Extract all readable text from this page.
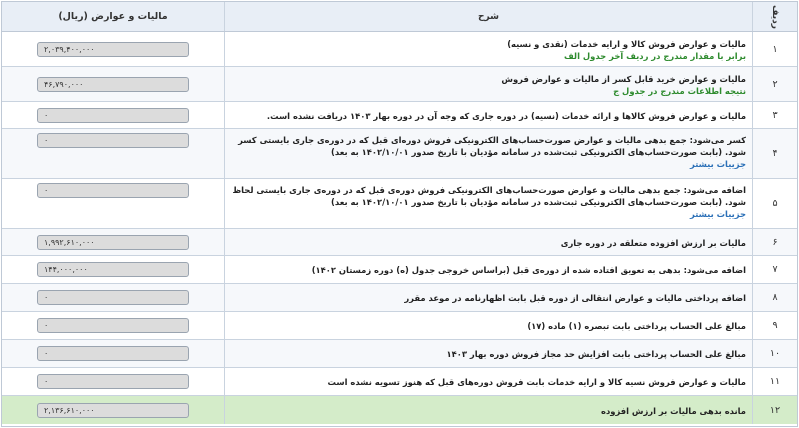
ردیف
شرح
مالیات و عوارض (ریال)
۱
مالیات و عوارض فروش کالا و ارایه خدمات (نقدی و نسیه)
برابر با مقدار مندرج در ردیف آخر جدول الف
۲,۰۳۹,۴۰۰,۰۰۰
۲
مالیات و عوارض خرید قابل کسر از مالیات و عوارض فروش
نتیجه اطلاعات مندرج در جدول ج
۴۶,۷۹۰,۰۰۰
۳
مالیات و عوارض فروش کالاها و ارائه خدمات (نسیه) در دوره جاری که وجه آن در دوره بهار ۱۴۰۳ دریافت نشده است.
۰
۴
کسر می‌شود: جمع بدهی مالیات و عوارض صورت‌حساب‌های الکترونیکی فروش دوره‌ای قبل که در دوره‌ی جاری بایستی کسر شود. (بابت صورت‌حساب‌های الکترونیکی ثبت‌شده در سامانه مؤدیان با تاریخ صدور ۱۴۰۲/۱۰/۰۱ به بعد)
جزییات بیشتر
۰
۵
اضافه می‌شود: جمع بدهی مالیات و عوارض صورت‌حساب‌های الکترونیکی فروش دوره‌ی قبل که در دوره‌ی جاری بایستی لحاظ شود. (بابت صورت‌حساب‌های الکترونیکی ثبت‌شده در سامانه مؤدیان با تاریخ صدور ۱۴۰۲/۱۰/۰۱ به بعد)
جزییات بیشتر
۰
۶
مالیات بر ارزش افزوده متعلقه در دوره جاری
۱,۹۹۲,۶۱۰,۰۰۰
۷
اضافه می‌شود: بدهی به تعویق افتاده شده از دوره‌ی قبل (براساس خروجی جدول (ه) دوره زمستان ۱۴۰۲)
۱۴۴,۰۰۰,۰۰۰
۸
اضافه پرداختی مالیات و عوارض انتقالی از دوره قبل بابت اظهارنامه در موعد مقرر
۰
۹
مبالغ علی الحساب پرداختی بابت تبصره (۱) ماده (۱۷)
۰
۱۰
مبالغ علی الحساب پرداختی بابت افزایش حد مجاز فروش دوره بهار ۱۴۰۳
۰
۱۱
مالیات و عوارض فروش نسیه کالا و ارایه خدمات بابت فروش دوره‌های قبل که هنوز تسویه نشده است
۰
۱۲
مانده بدهی مالیات بر ارزش افزوده
۲,۱۳۶,۶۱۰,۰۰۰
